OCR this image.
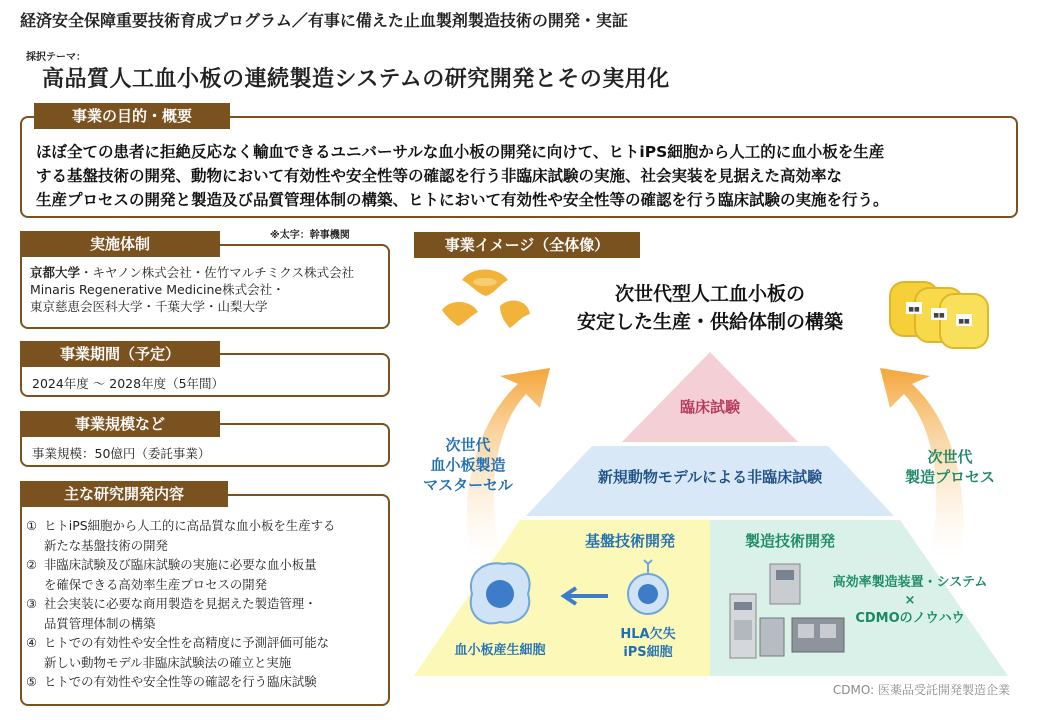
経済安全保障重要技術育成プログラム／有事に備えた止血製剤製造技術の開発・実証
採択テーマ：
高品質人工血小板の連続製造システムの研究開発とその実用化
事業の目的・概要
ほぼ全ての患者に拒絶反応なく輸血できるユニバーサルな血小板の開発に向けて、ヒトiPS細胞から人工的に血小板を生産
する基盤技術の開発、動物において有効性や安全性等の確認を行う非臨床試験の実施、社会実装を見据えた高効率な
生産プロセスの開発と製造及び品質管理体制の構築、ヒトにおいて有効性や安全性等の確認を行う臨床試験の実施を行う。
※太字：幹事機関
実施体制
京都大学・キヤノン株式会社・佐竹マルチミクス株式会社
Minaris Regenerative Medicine株式会社・
東京慈恵会医科大学・千葉大学・山梨大学
事業期間（予定）
2024年度 ～ 2028年度（5年間）
事業規模など
事業規模：50億円（委託事業）
主な研究開発内容
① ヒトiPS細胞から人工的に高品質な血小板を生産する
新たな基盤技術の開発
② 非臨床試験及び臨床試験の実施に必要な血小板量
を確保できる高効率生産プロセスの開発
③ 社会実装に必要な商用製造を見据えた製造管理・
品質管理体制の構築
④ ヒトでの有効性や安全性を高精度に予測評価可能な
新しい動物モデル非臨床試験法の確立と実施
⑤ ヒトでの有効性や安全性等の確認を行う臨床試験
事業イメージ（全体像）
■■
■■
■■
次世代型人工血小板の
安定した生産・供給体制の構築
次世代
血小板製造
マスターセル
次世代
製造プロセス
臨床試験
新規動物モデルによる非臨床試験
基盤技術開発	製造技術開発
血小板産生細胞
HLA欠失
iPS細胞
高効率製造装置・システム
×
CDMOのノウハウ
CDMO: 医薬品受託開発製造企業
